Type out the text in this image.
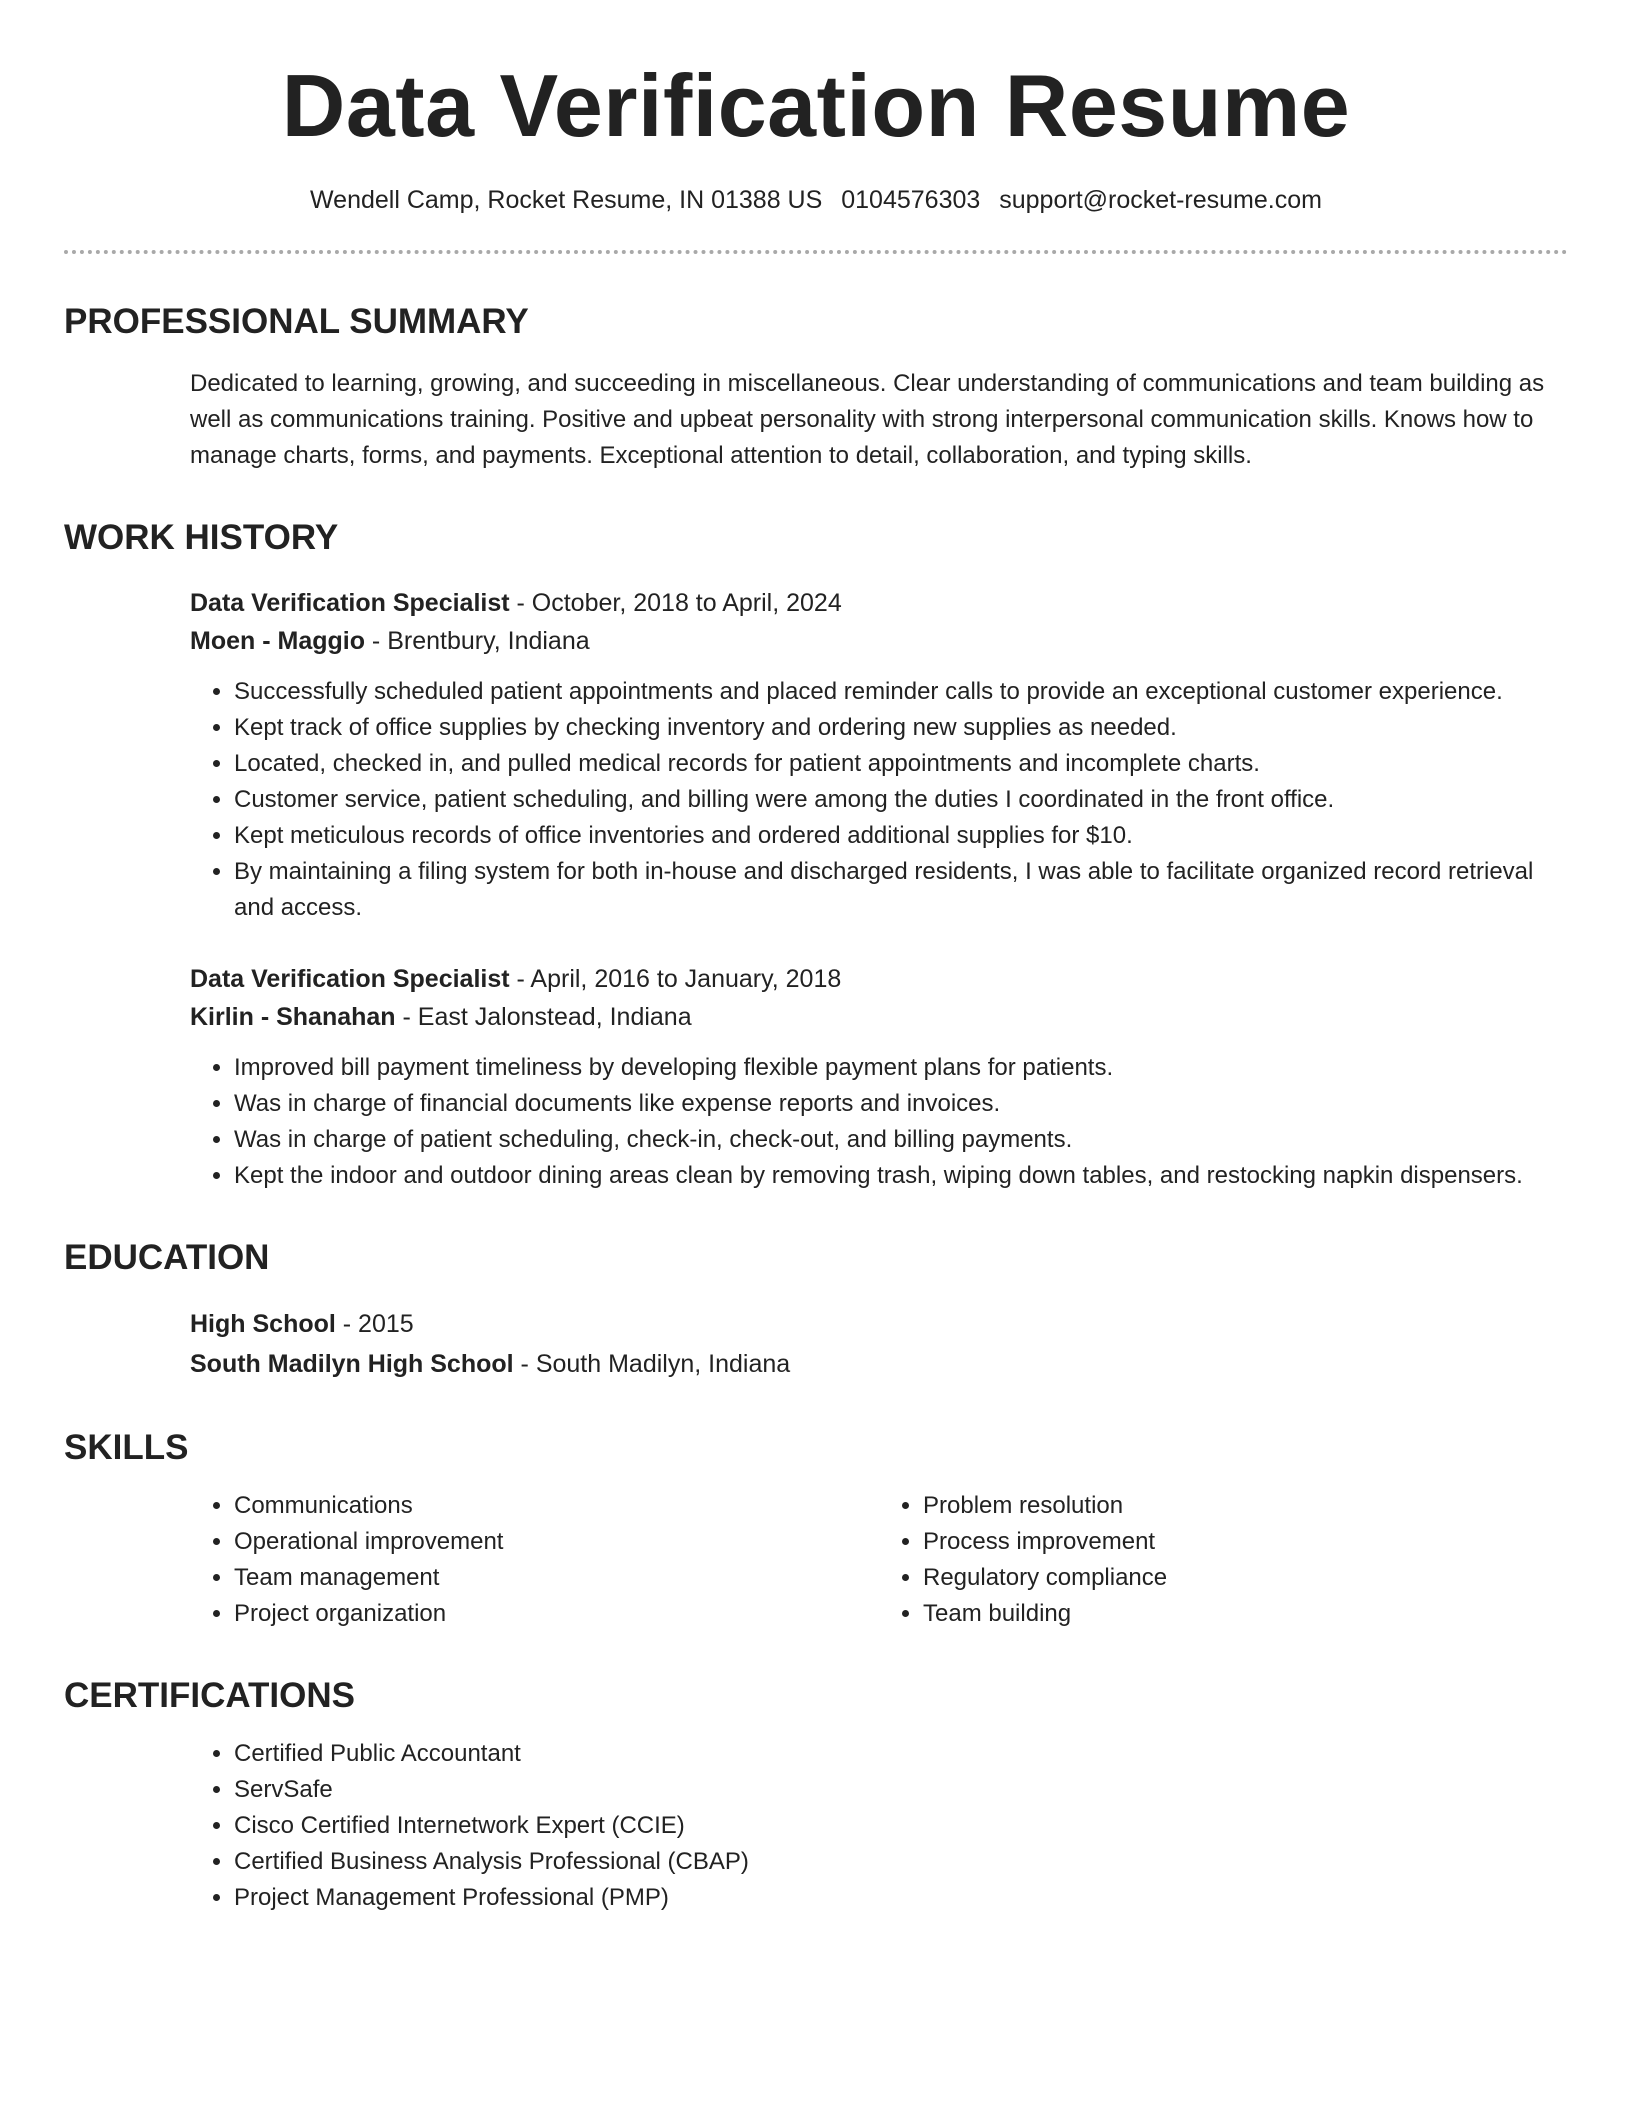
Data Verification Resume
Wendell Camp, Rocket Resume, IN 01388 US 0104576303 support@rocket-resume.com
PROFESSIONAL SUMMARY
Dedicated to learning, growing, and succeeding in miscellaneous. Clear understanding of communications and team building as well as communications training. Positive and upbeat personality with strong interpersonal communication skills. Knows how to manage charts, forms, and payments. Exceptional attention to detail, collaboration, and typing skills.
WORK HISTORY
Data Verification Specialist - October, 2018 to April, 2024
Moen - Maggio - Brentbury, Indiana
• Successfully scheduled patient appointments and placed reminder calls to provide an exceptional customer experience.
• Kept track of office supplies by checking inventory and ordering new supplies as needed.
• Located, checked in, and pulled medical records for patient appointments and incomplete charts.
• Customer service, patient scheduling, and billing were among the duties I coordinated in the front office.
• Kept meticulous records of office inventories and ordered additional supplies for $10.
• By maintaining a filing system for both in-house and discharged residents, I was able to facilitate organized record retrieval and access.
Data Verification Specialist - April, 2016 to January, 2018
Kirlin - Shanahan - East Jalonstead, Indiana
• Improved bill payment timeliness by developing flexible payment plans for patients.
• Was in charge of financial documents like expense reports and invoices.
• Was in charge of patient scheduling, check-in, check-out, and billing payments.
• Kept the indoor and outdoor dining areas clean by removing trash, wiping down tables, and restocking napkin dispensers.
EDUCATION
High School - 2015
South Madilyn High School - South Madilyn, Indiana
SKILLS
• Communications
• Operational improvement
• Team management
• Project organization
• Problem resolution
• Process improvement
• Regulatory compliance
• Team building
CERTIFICATIONS
• Certified Public Accountant
• ServSafe
• Cisco Certified Internetwork Expert (CCIE)
• Certified Business Analysis Professional (CBAP)
• Project Management Professional (PMP)
